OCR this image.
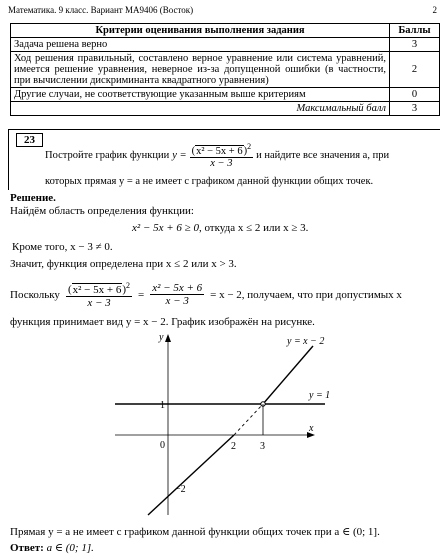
Математика. 9 класс. Вариант МА9406 (Восток)	2
Критерии оценивания выполнения задания	Баллы
Задача решена верно	3
Ход решения правильный, составлено верное уравнение или система уравнений, имеется решение уравнения, неверное из-за допущенной ошибки (в частности, при вычислении дискриминанта квадратного уравнения)	2
Другие случаи, не соответствующие указанным выше критериям	0
Максимальный балл	3
23
Постройте график функции $y = \frac{(x^2 - 5x + 6)^2}{x - 3}$ и найдите все значения a, при
которых прямая y = a не имеет с графиком данной функции общих точек.
Решение.
Найдём область определения функции:
x² − 5x + 6 ≥ 0, откуда x ≤ 2 или x ≥ 3.
Кроме того, x − 3 ≠ 0.
Значит, функция определена при x ≤ 2 или x > 3.
Поскольку $\frac{(x^2 - 5x + 6)^2}{x - 3} = \frac{\text{x² − 5x + 6}}{x - 3} = x - 2$, получаем, что при допустимых x
функция принимает вид y = x − 2. График изображён на рисунке.
y
x
1
0	2 3
−2
y = x − 2
y = 1
Прямая y = a не имеет с графиком данной функции общих точек при a ∈ (0; 1].
Ответ: a ∈ (0; 1].
